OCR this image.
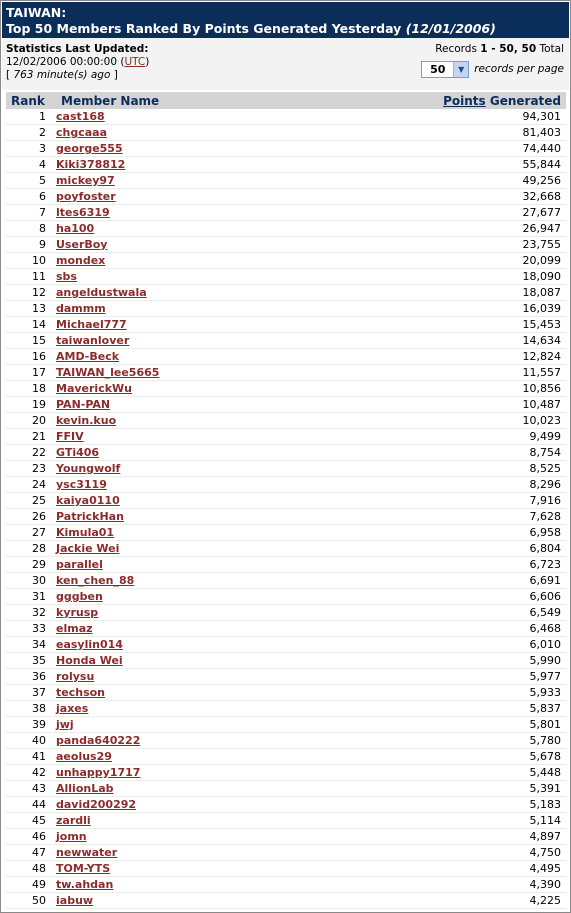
TAIWAN:
Top 50 Members Ranked By Points Generated Yesterday (12/01/2006)
Statistics Last Updated:
12/02/2006 00:00:00 (UTC)
[ 763 minute(s) ago ]
Records 1 - 50, 50 Total
50	▼ records per page
Rank	Member Name	Points Generated
1	cast168	94,301
2	chgcaaa	81,403
3	george555	74,440
4	Kiki378812	55,844
5	mickey97	49,256
6	poyfoster	32,668
7	ltes6319	27,677
8	ha100	26,947
9	UserBoy	23,755
10	mondex	20,099
11	sbs	18,090
12	angeldustwala	18,087
13	dammm	16,039
14	Michael777	15,453
15	taiwanlover	14,634
16	AMD-Beck	12,824
17	TAIWAN_lee5665	11,557
18	MaverickWu	10,856
19	PAN-PAN	10,487
20	kevin.kuo	10,023
21	FFIV	9,499
22	GTi406	8,754
23	Youngwolf	8,525
24	ysc3119	8,296
25	kaiya0110	7,916
26	PatrickHan	7,628
27	Kimula01	6,958
28	Jackie Wei	6,804
29	parallel	6,723
30	ken_chen_88	6,691
31	gggben	6,606
32	kyrusp	6,549
33	elmaz	6,468
34	easylin014	6,010
35	Honda Wei	5,990
36	rolysu	5,977
37	techson	5,933
38	jaxes	5,837
39	jwj	5,801
40	panda640222	5,780
41	aeolus29	5,678
42	unhappy1717	5,448
43	AllionLab	5,391
44	david200292	5,183
45	zardli	5,114
46	jomn	4,897
47	newwater	4,750
48	TOM-YTS	4,495
49	tw.ahdan	4,390
50	iabuw	4,225
